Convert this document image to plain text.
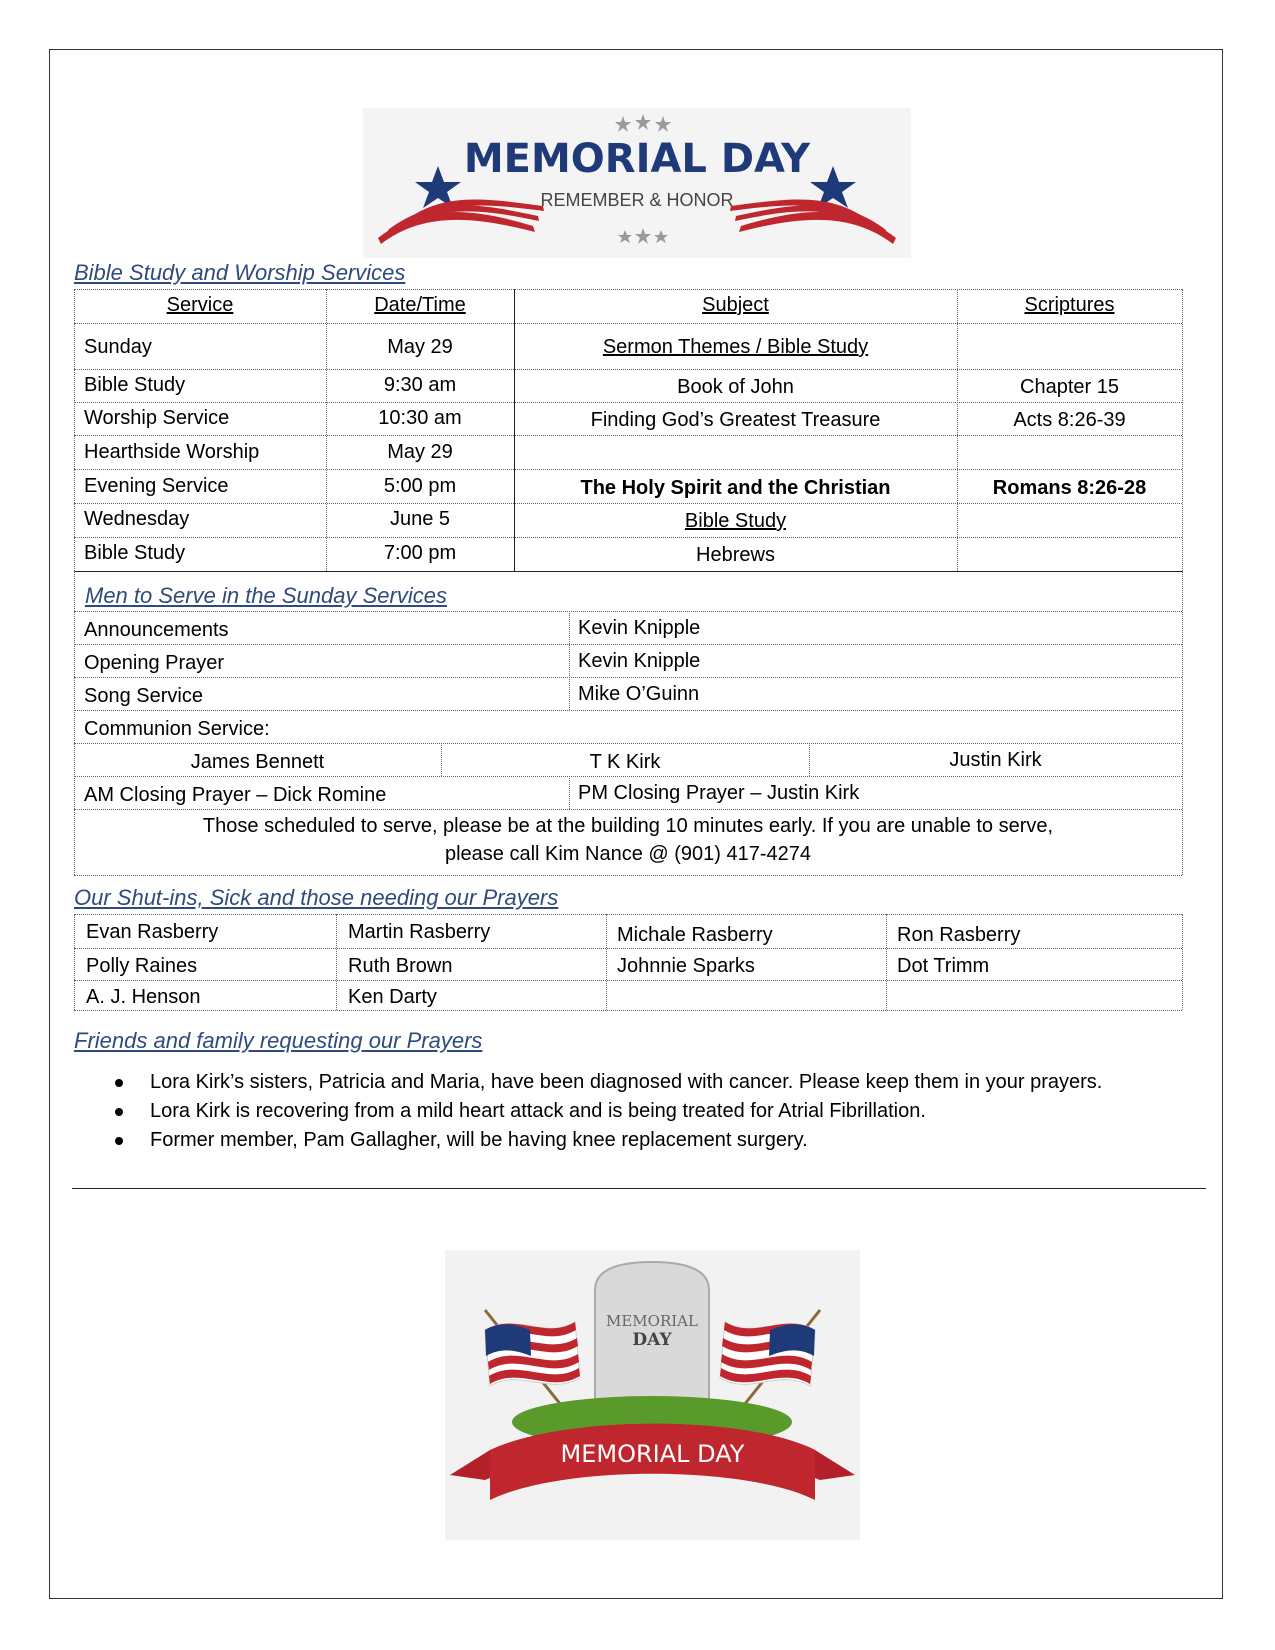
MEMORIAL DAY
REMEMBER & HONOR
Bible Study and Worship Services
Service	Date/Time	Subject	Scriptures
Sunday	May 29	Sermon Themes / Bible Study
Bible Study	9:30 am	Book of John	Chapter 15
Worship Service	10:30 am	Finding God’s Greatest Treasure	Acts 8:26-39
Hearthside Worship	May 29
Evening Service	5:00 pm	The Holy Spirit and the Christian	Romans 8:26-28
Wednesday	June 5	Bible Study
Bible Study	7:00 pm	Hebrews
Men to Serve in the Sunday Services
Announcements	Kevin Knipple
Opening Prayer	Kevin Knipple
Song Service	Mike O’Guinn
Communion Service:
James Bennett	T K Kirk	Justin Kirk
AM Closing Prayer – Dick Romine	PM Closing Prayer – Justin Kirk
Those scheduled to serve, please be at the building 10 minutes early. If you are unable to serve,
please call Kim Nance @ (901) 417-4274
Our Shut-ins, Sick and those needing our Prayers
Evan Rasberry	Martin Rasberry	Michale Rasberry	Ron Rasberry
Polly Raines	Ruth Brown	Johnnie Sparks	Dot Trimm
A. J. Henson	Ken Darty
Friends and family requesting our Prayers
Lora Kirk’s sisters, Patricia and Maria, have been diagnosed with cancer. Please keep them in your prayers.
Lora Kirk is recovering from a mild heart attack and is being treated for Atrial Fibrillation.
Former member, Pam Gallagher, will be having knee replacement surgery.
MEMORIAL
DAY
MEMORIAL DAY
